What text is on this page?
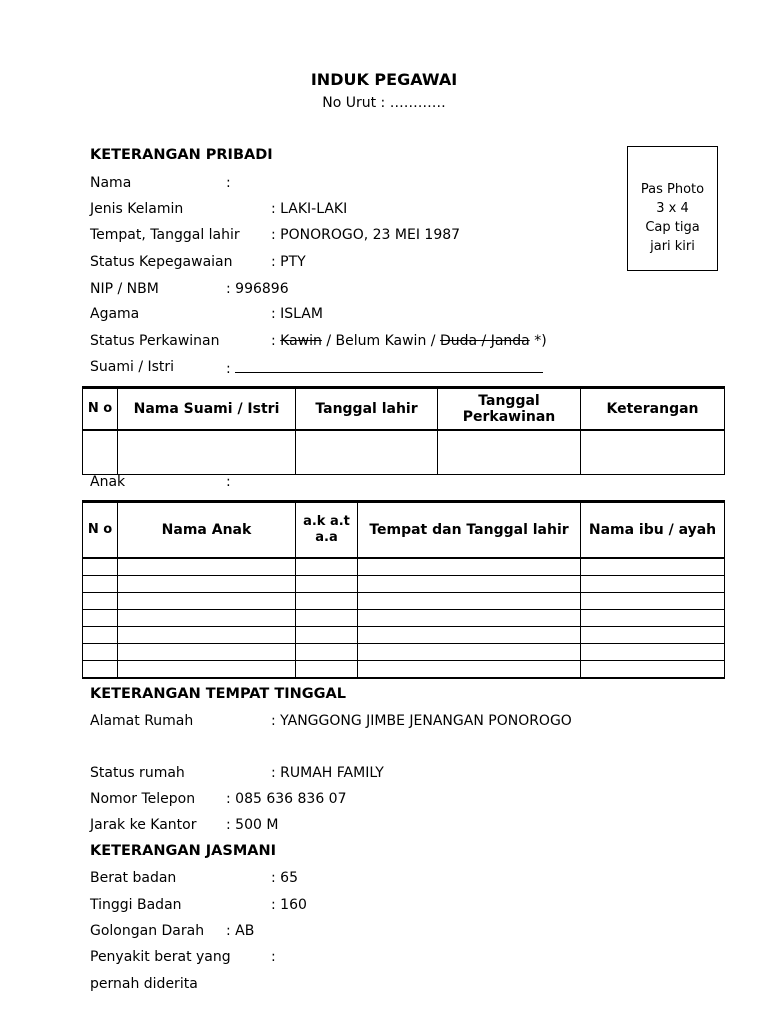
INDUK PEGAWAI
No Urut : …………
KETERANGAN PRIBADI
Nama	:
Jenis Kelamin	: LAKI-LAKI
Tempat, Tanggal lahir : PONOROGO, 23 MEI 1987
Status Kepegawaian	: PTY
NIP / NBM	: 996896
Agama	: ISLAM
Status Perkawinan	: Kawin / Belum Kawin / Duda / Janda *)
Suami / Istri	:
Pas Photo
3 x 4
Cap tiga
jari kiri
N o	Nama Suami / Istri	Tanggal lahir	Tanggal Perkawinan	Keterangan

Anak	:
N o	Nama Anak	a.k a.t a.a	Tempat dan Tanggal lahir	Nama ibu / ayah

KETERANGAN TEMPAT TINGGAL
Alamat Rumah	: YANGGONG JIMBE JENANGAN PONOROGO
Status rumah	: RUMAH FAMILY
Nomor Telepon : 085 636 836 07
Jarak ke Kantor : 500 M
KETERANGAN JASMANI
Berat badan	: 65
Tinggi Badan	: 160
Golongan Darah : AB
Penyakit berat yang	:
pernah diderita
